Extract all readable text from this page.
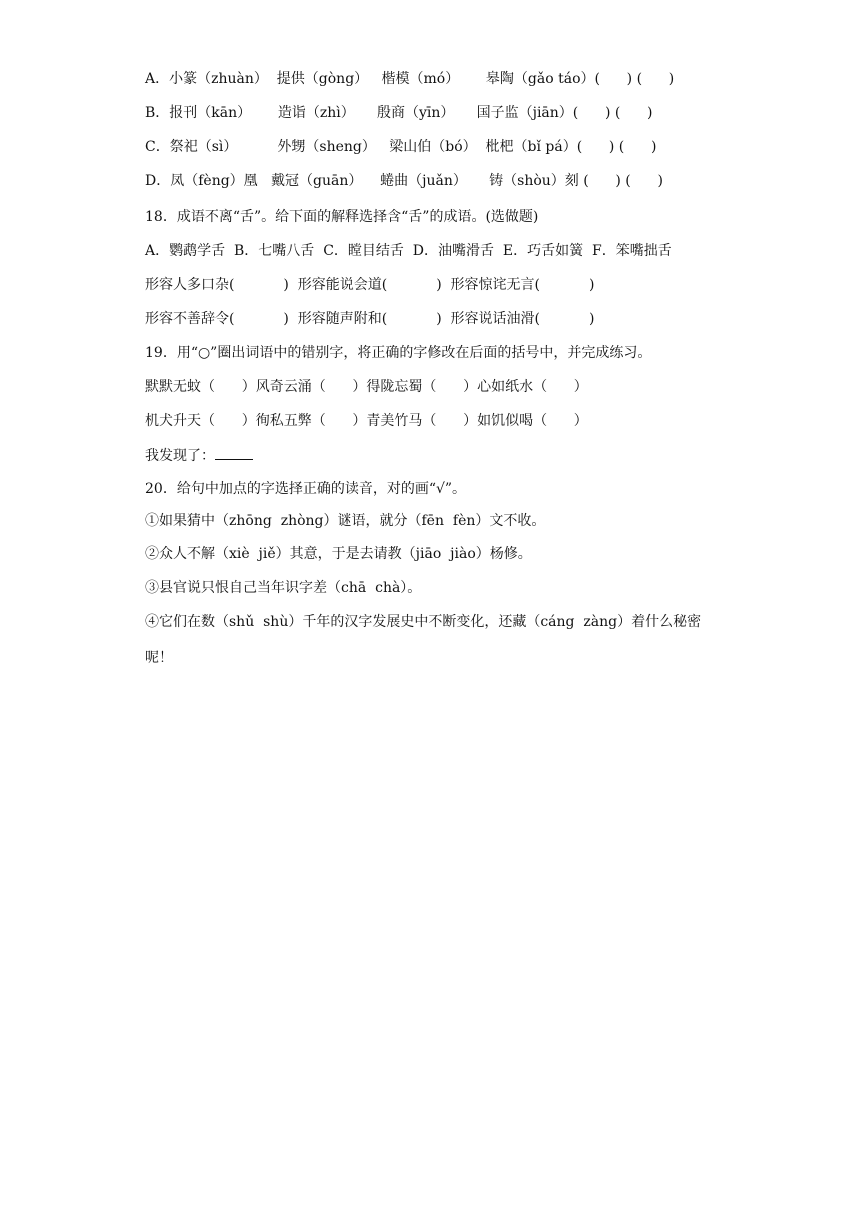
A．小篆（zhuàn）  提供（gòng）   楷模（mó）      皋陶（gǎo táo）(      ) (      )
B．报刊（kān）      造诣（zhì）     殷商（yīn）     国子监（jiān）(      ) (      )
C．祭祀（sì）         外甥（sheng）   梁山伯（bó）  枇杷（bǐ pá）(      ) (      )
D．凤（fèng）凰   戴冠（guān）    蜷曲（juǎn）     铸（shòu）刻 (      ) (      )
18．成语不离“舌”。给下面的解释选择含“舌”的成语。(选做题)
A．鹦鹉学舌  B．七嘴八舌  C．瞠目结舌  D．油嘴滑舌  E．巧舌如簧  F．笨嘴拙舌
形容人多口杂(           )  形容能说会道(           )  形容惊诧无言(           )
形容不善辞令(           )  形容随声附和(           )  形容说话油滑(           )
19．用“○”圈出词语中的错别字，将正确的字修改在后面的括号中，并完成练习。
默默无蚊（      ）风奇云涌（      ）得陇忘蜀（      ）心如纸水（      ）
机犬升天（      ）徇私五弊（      ）青美竹马（      ）如饥似喝（      ）
我发现了：
20．给句中加点的字选择正确的读音，对的画“√”。
①如果猜中（zhōng  zhòng）谜语，就分（fēn  fèn）文不收。
②众人不解（xiè  jiě）其意，于是去请教（jiāo  jiào）杨修。
③县官说只恨自己当年识字差（chā  chà）。
④它们在数（shǔ  shù）千年的汉字发展史中不断变化，还藏（cáng  zàng）着什么秘密
呢！
